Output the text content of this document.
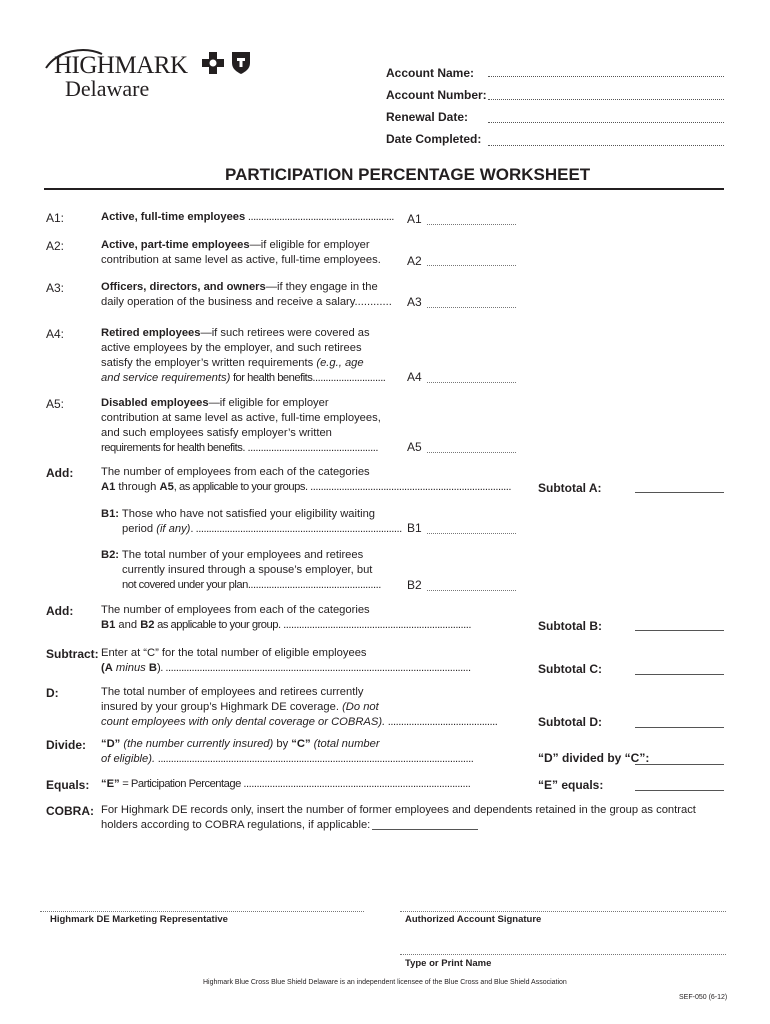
HIGHMARK
Delaware
Account Name:
Account Number:
Renewal Date:
Date Completed:
PARTICIPATION PERCENTAGE WORKSHEET
A1:	Active, full-time employees ........................................................ A1
A2:	Active, part-time employees—if eligible for employer
contribution at same level as active, full-time employees. A2
A3:	Officers, directors, and owners—if they engage in the
daily operation of the business and receive a salary............ A3
A4:	Retired employees—if such retirees were covered as
active employees by the employer, and such retirees
satisfy the employer’s written requirements (e.g., age
and service requirements) for health benefits............................ A4
A5:	Disabled employees—if eligible for employer
contribution at same level as active, full-time employees,
and such employees satisfy employer’s written
requirements for health benefits. .................................................. A5
Add: The number of employees from each of the categories
A1 through A5, as applicable to your groups. ............................................................................. Subtotal A:
B1: Those who have not satisfied your eligibility waiting
period (if any). ............................................................................... B1
B2: The total number of your employees and retirees
currently insured through a spouse’s employer, but
not covered under your plan................................................... B2
Add: The number of employees from each of the categories
B1 and B2 as applicable to your group. ........................................................................	Subtotal B:
Subtract: Enter at “C” for the total number of eligible employees
(A minus B). .....................................................................................................................	Subtotal C:
D:	The total number of employees and retirees currently
insured by your group’s Highmark DE coverage. (Do not
count employees with only dental coverage or COBRAS). ..........................................	Subtotal D:
Divide: “D” (the number currently insured) by “C” (total number
of eligible). .........................................................................................................................	“D” divided by “C”:
Equals: “E” = Participation Percentage .......................................................................................	“E” equals:
COBRA: For Highmark DE records only, insert the number of former employees and dependents retained in the group as contract
holders according to COBRA regulations, if applicable:
Highmark DE Marketing Representative	Authorized Account Signature
Type or Print Name
Highmark Blue Cross Blue Shield Delaware is an independent licensee of the Blue Cross and Blue Shield Association
SEF-050 (6-12)
